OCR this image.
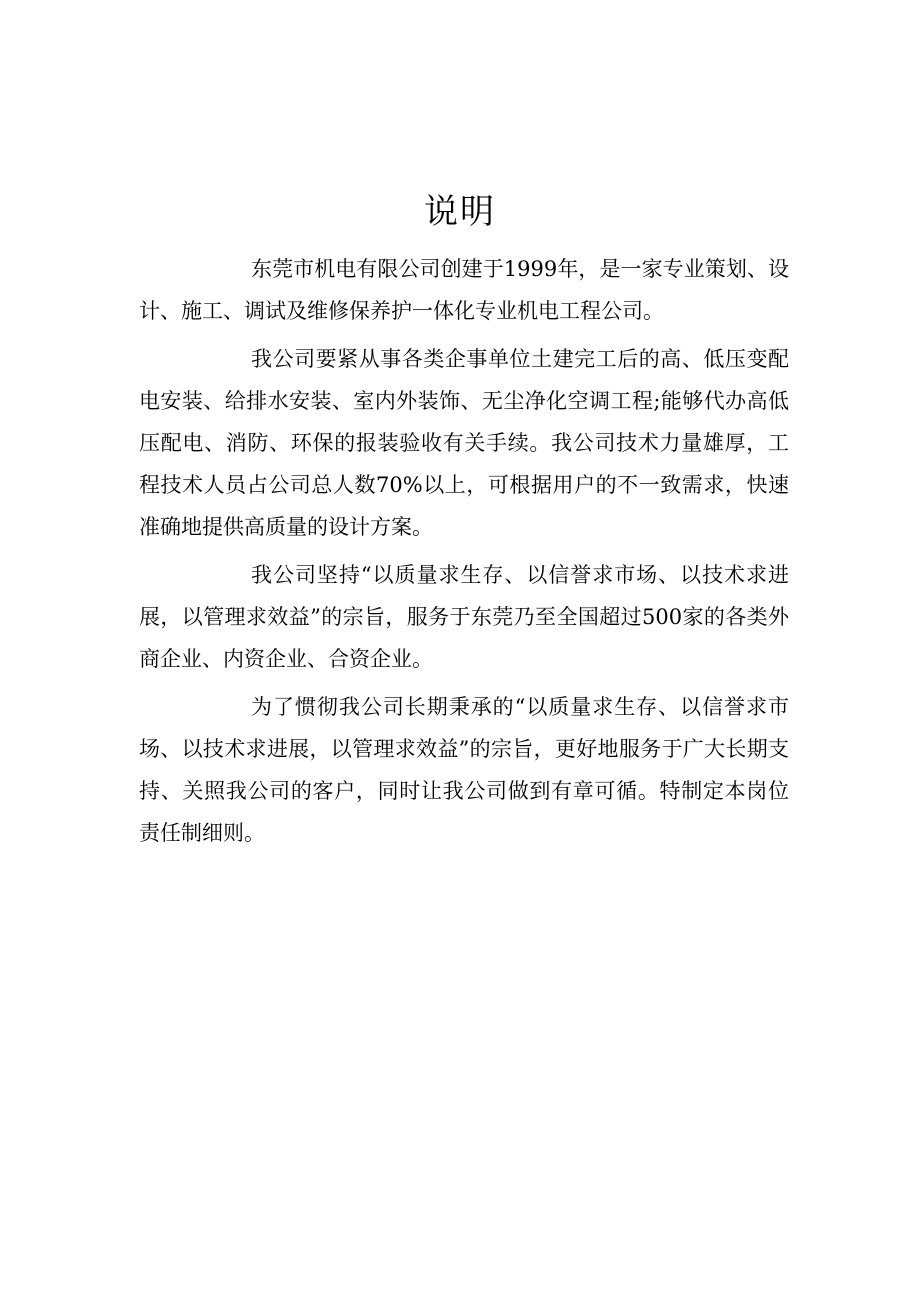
说明

东莞市机电有限公司创建于1999年，是一家专业策划、设计、施工、调试及维修保养护一体化专业机电工程公司。

我公司要紧从事各类企事单位土建完工后的高、低压变配电安装、给排水安装、室内外装饰、无尘净化空调工程;能够代办高低压配电、消防、环保的报装验收有关手续。我公司技术力量雄厚，工程技术人员占公司总人数70%以上，可根据用户的不一致需求，快速准确地提供高质量的设计方案。

我公司坚持“以质量求生存、以信誉求市场、以技术求进展，以管理求效益”的宗旨，服务于东莞乃至全国超过500家的各类外商企业、内资企业、合资企业。

为了惯彻我公司长期秉承的“以质量求生存、以信誉求市场、以技术求进展，以管理求效益”的宗旨，更好地服务于广大长期支持、关照我公司的客户，同时让我公司做到有章可循。特制定本岗位责任制细则。
